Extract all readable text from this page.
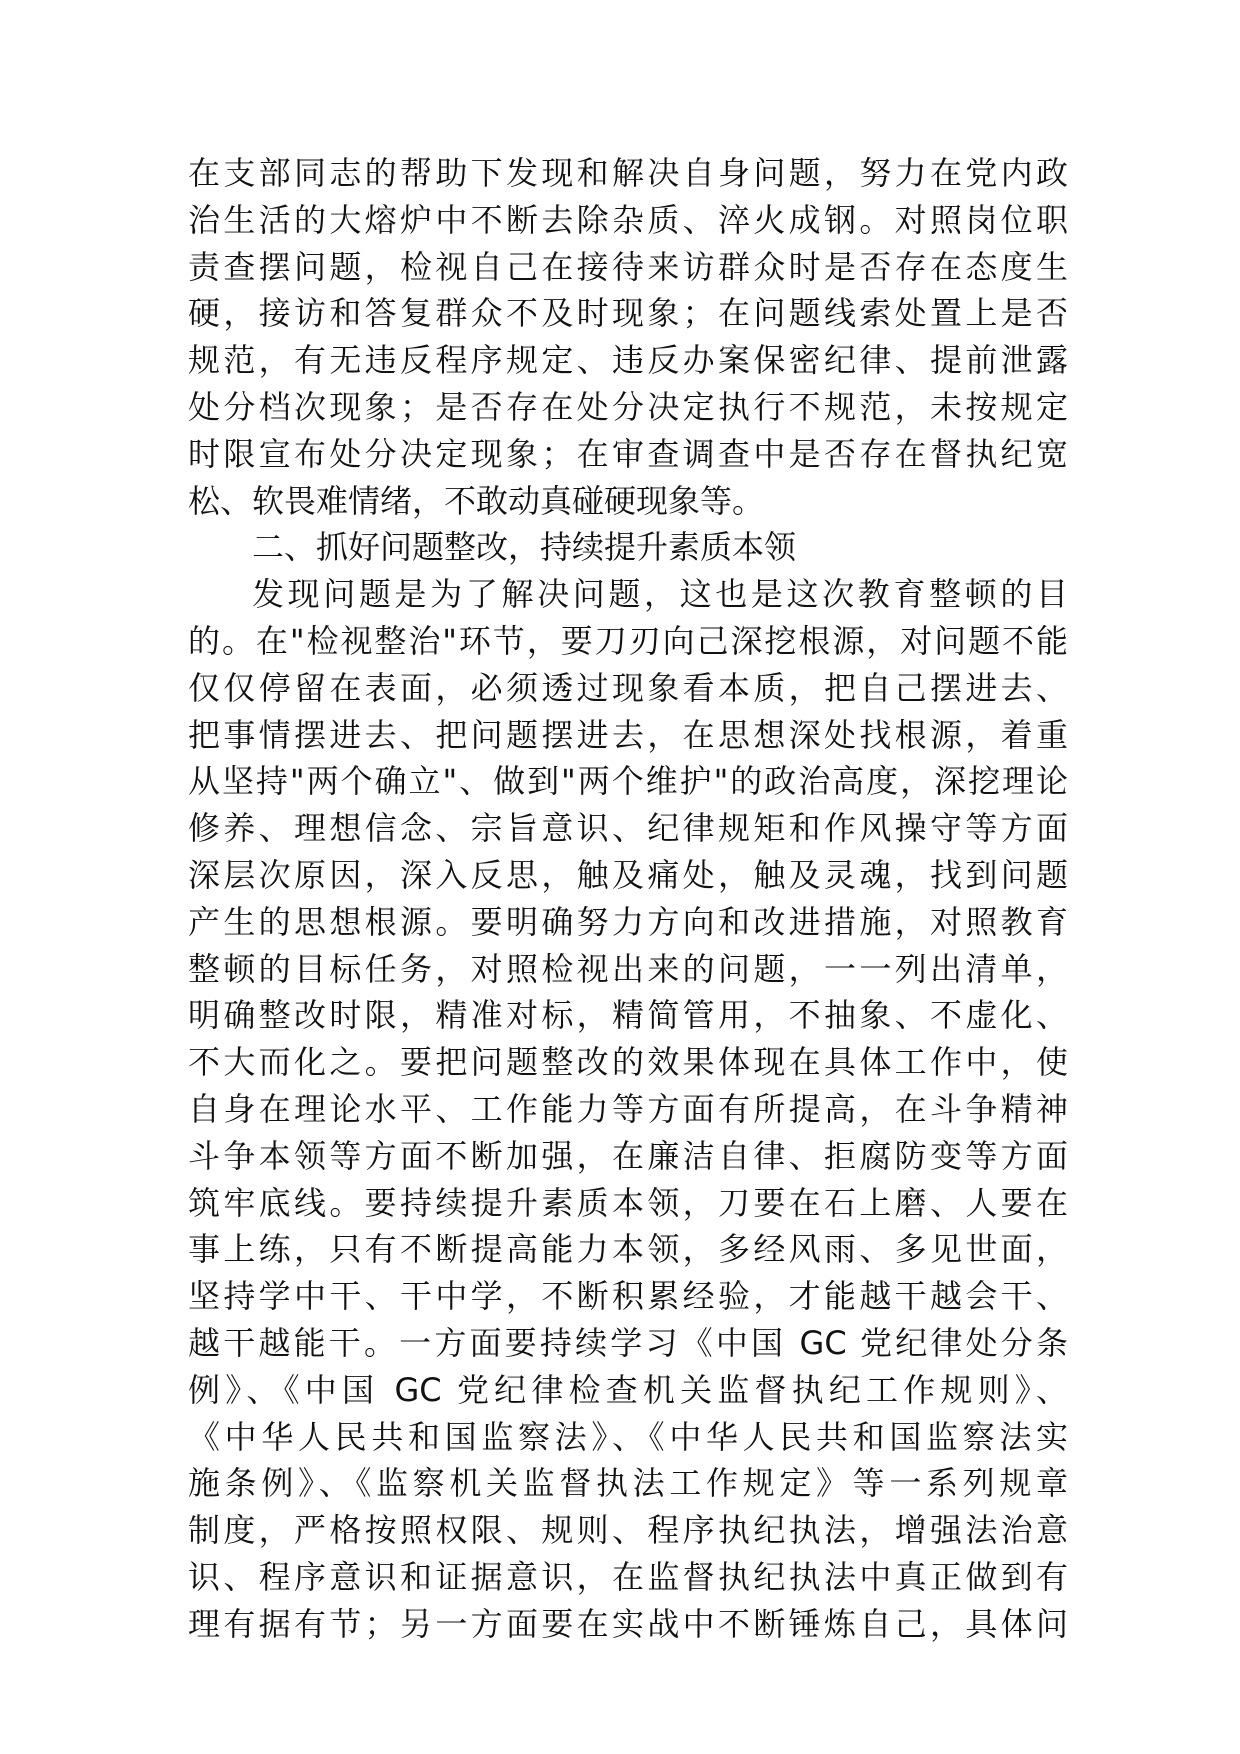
在支部同志的帮助下发现和解决自身问题，努力在党内政
治生活的大熔炉中不断去除杂质、淬火成钢。对照岗位职
责查摆问题，检视自己在接待来访群众时是否存在态度生
硬，接访和答复群众不及时现象；在问题线索处置上是否
规范，有无违反程序规定、违反办案保密纪律、提前泄露
处分档次现象；是否存在处分决定执行不规范，未按规定
时限宣布处分决定现象；在审查调查中是否存在督执纪宽
松、软畏难情绪，不敢动真碰硬现象等。
二、抓好问题整改，持续提升素质本领
发现问题是为了解决问题，这也是这次教育整顿的目
的。在"检视整治"环节，要刀刃向己深挖根源，对问题不能
仅仅停留在表面，必须透过现象看本质，把自己摆进去、
把事情摆进去、把问题摆进去，在思想深处找根源，着重
从坚持"两个确立"、做到"两个维护"的政治高度，深挖理论
修养、理想信念、宗旨意识、纪律规矩和作风操守等方面
深层次原因，深入反思，触及痛处，触及灵魂，找到问题
产生的思想根源。要明确努力方向和改进措施，对照教育
整顿的目标任务，对照检视出来的问题，一一列出清单，
明确整改时限，精准对标，精简管用，不抽象、不虚化、
不大而化之。要把问题整改的效果体现在具体工作中，使
自身在理论水平、工作能力等方面有所提高，在斗争精神
斗争本领等方面不断加强，在廉洁自律、拒腐防变等方面
筑牢底线。要持续提升素质本领，刀要在石上磨、人要在
事上练，只有不断提高能力本领，多经风雨、多见世面，
坚持学中干、干中学，不断积累经验，才能越干越会干、
越干越能干。一方面要持续学习《中国 GC 党纪律处分条
例》、《中国 GC 党纪律检查机关监督执纪工作规则》、
《中华人民共和国监察法》、《中华人民共和国监察法实
施条例》、《监察机关监督执法工作规定》等一系列规章
制度，严格按照权限、规则、程序执纪执法，增强法治意
识、程序意识和证据意识，在监督执纪执法中真正做到有
理有据有节；另一方面要在实战中不断锤炼自己，具体问
